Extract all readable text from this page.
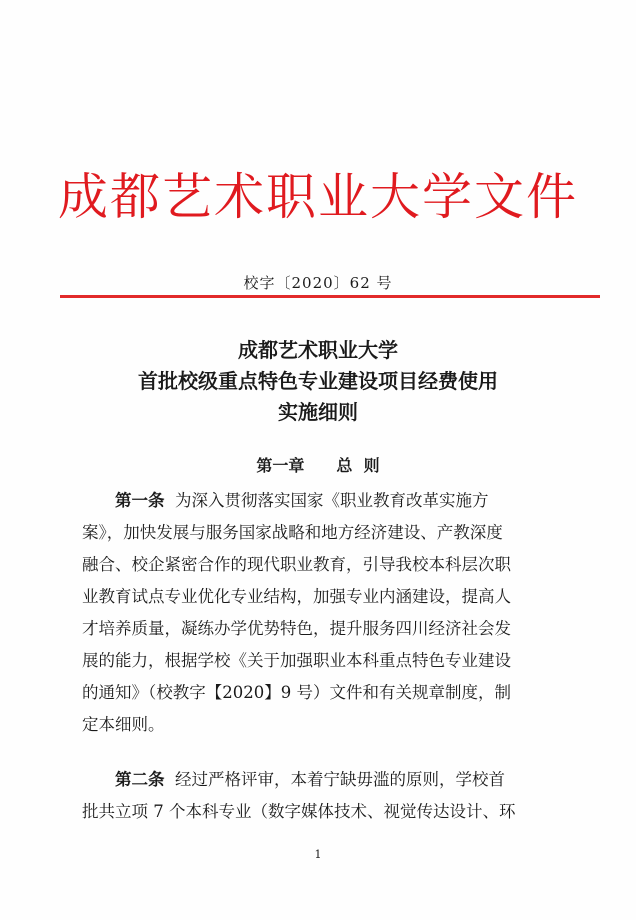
成都艺术职业大学文件
校字〔2020〕62 号
成都艺术职业大学
首批校级重点特色专业建设项目经费使用
实施细则
第一章 总  则
第一条  为深入贯彻落实国家《职业教育改革实施方
案》，加快发展与服务国家战略和地方经济建设、产教深度
融合、校企紧密合作的现代职业教育，引导我校本科层次职
业教育试点专业优化专业结构，加强专业内涵建设，提高人
才培养质量，凝练办学优势特色，提升服务四川经济社会发
展的能力，根据学校《关于加强职业本科重点特色专业建设
的通知》（校教字【2020】9 号）文件和有关规章制度，制
定本细则。
第二条  经过严格评审，本着宁缺毋滥的原则，学校首
批共立项 7 个本科专业（数字媒体技术、视觉传达设计、环
1
